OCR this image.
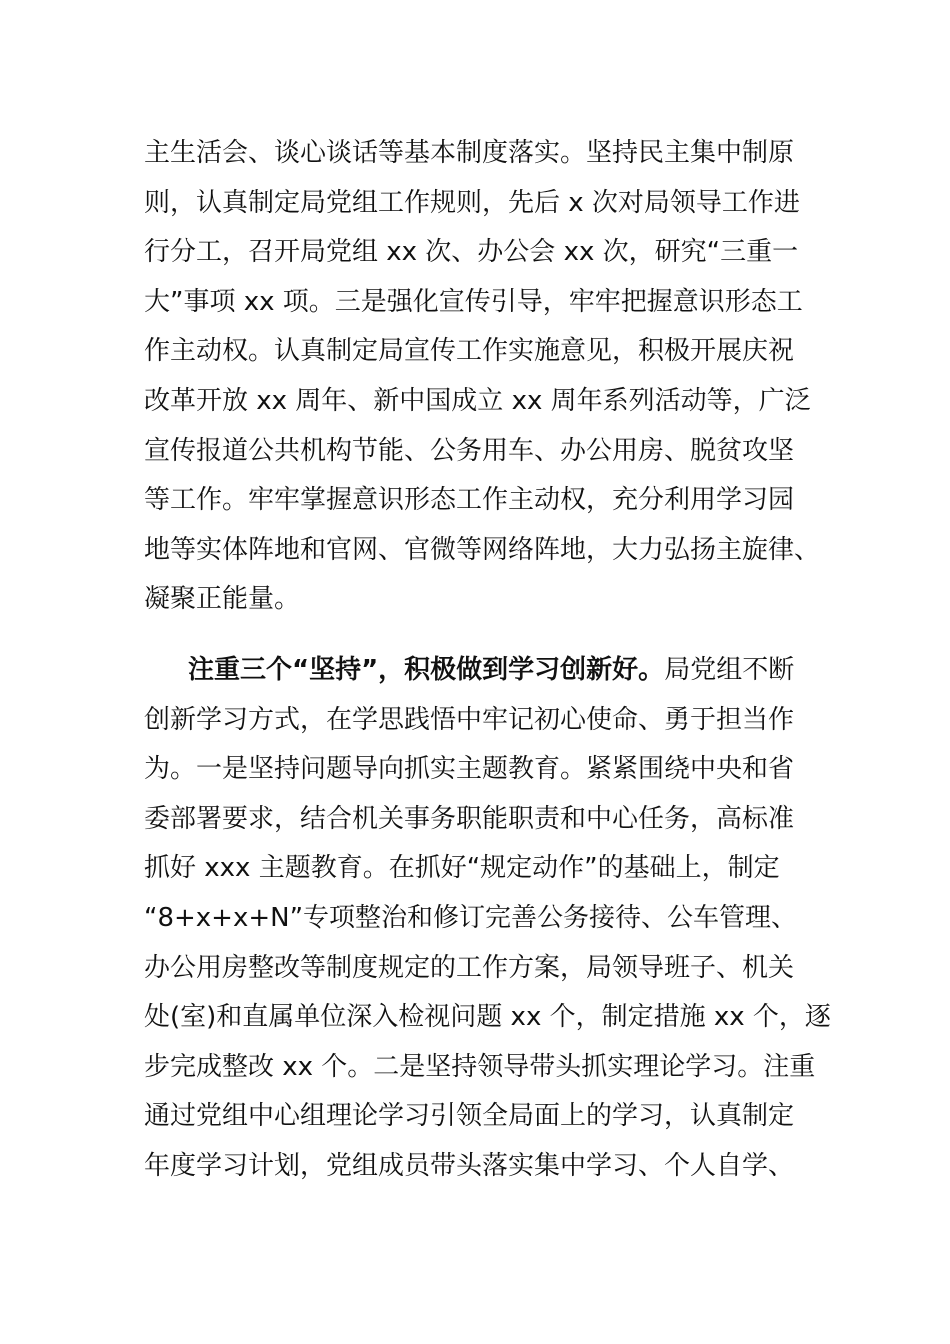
主生活会、谈心谈话等基本制度落实。坚持民主集中制原
则，认真制定局党组工作规则，先后 x 次对局领导工作进
行分工，召开局党组 xx 次、办公会 xx 次，研究“三重一
大”事项 xx 项。三是强化宣传引导，牢牢把握意识形态工
作主动权。认真制定局宣传工作实施意见，积极开展庆祝
改革开放 xx 周年、新中国成立 xx 周年系列活动等，广泛
宣传报道公共机构节能、公务用车、办公用房、脱贫攻坚
等工作。牢牢掌握意识形态工作主动权，充分利用学习园
地等实体阵地和官网、官微等网络阵地，大力弘扬主旋律、
凝聚正能量。
注重三个“坚持”，积极做到学习创新好。局党组不断
创新学习方式，在学思践悟中牢记初心使命、勇于担当作
为。一是坚持问题导向抓实主题教育。紧紧围绕中央和省
委部署要求，结合机关事务职能职责和中心任务，高标准
抓好 xxx 主题教育。在抓好“规定动作”的基础上，制定
“8+x+x+N”专项整治和修订完善公务接待、公车管理、
办公用房整改等制度规定的工作方案，局领导班子、机关
处(室)和直属单位深入检视问题 xx 个，制定措施 xx 个，逐
步完成整改 xx 个。二是坚持领导带头抓实理论学习。注重
通过党组中心组理论学习引领全局面上的学习，认真制定
年度学习计划，党组成员带头落实集中学习、个人自学、
